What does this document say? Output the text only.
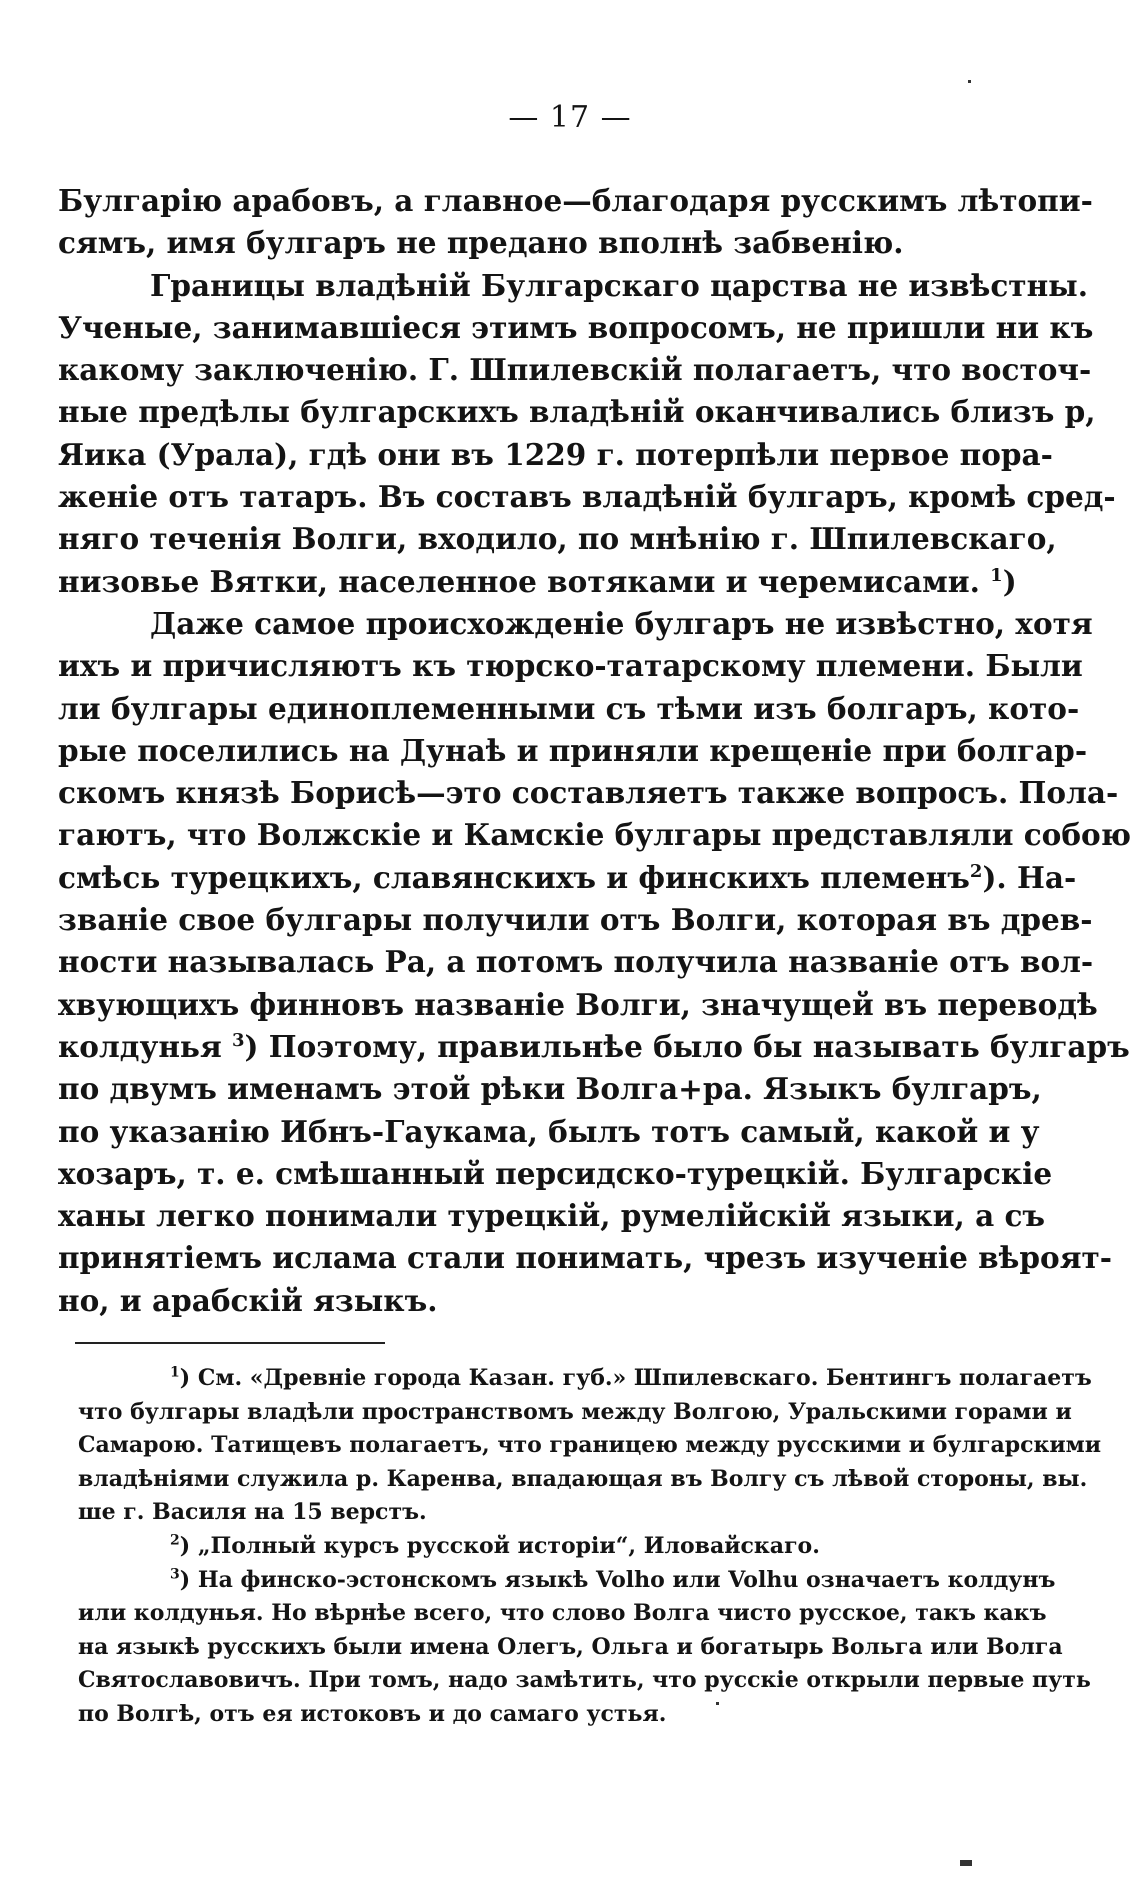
— 17 —
Булгарію арабовъ, а главное—благодаря русскимъ лѣтопи-
сямъ, имя булгаръ не предано вполнѣ забвенію.
Границы владѣній Булгарскаго царства не извѣстны.
Ученые, занимавшіеся этимъ вопросомъ, не пришли ни къ
какому заключенію. Г. Шпилевскій полагаетъ, что восточ-
ные предѣлы булгарскихъ владѣній оканчивались близъ р,
Яика (Урала), гдѣ они въ 1229 г. потерпѣли первое пора-
женіе отъ татаръ. Въ составъ владѣній булгаръ, кромѣ сред-
няго теченія Волги, входило, по мнѣнію г. Шпилевскаго,
низовье Вятки, населенное вотяками и черемисами. $^1$)
Даже самое происхожденіе булгаръ не извѣстно, хотя
ихъ и причисляютъ къ тюрско-татарскому племени. Были
ли булгары единоплеменными съ тѣми изъ болгаръ, кото-
рые поселились на Дунаѣ и приняли крещеніе при болгар-
скомъ князѣ Борисѣ—это составляетъ также вопросъ. Пола-
гаютъ, что Волжскіе и Камскіе булгары представляли собою
смѣсь турецкихъ, славянскихъ и финскихъ племенъ$^2$). На-
званіе свое булгары получили отъ Волги, которая въ древ-
ности называлась Ра, а потомъ получила названіе отъ вол-
хвующихъ финновъ названіе Волги, значущей въ переводѣ
колдунья $^3$) Поэтому, правильнѣе было бы называть булгаръ
по двумъ именамъ этой рѣки Волга+ра. Языкъ булгаръ,
по указанію Ибнъ-Гаукама, былъ тотъ самый, какой и у
хозаръ, т. е. смѣшанный персидско-турецкій. Булгарскіе
ханы легко понимали турецкій, румелійскій языки, а съ
принятіемъ ислама стали понимать, чрезъ изученіе вѣроят-
но, и арабскій языкъ.
$^1$) См. «Древніе города Казан. губ.» Шпилевскаго. Бентингъ полагаетъ
что булгары владѣли пространствомъ между Волгою, Уральскими горами и
Самарою. Татищевъ полагаетъ, что границею между русскими и булгарскими
владѣніями служила р. Каренва, впадающая въ Волгу съ лѣвой стороны, вы.
ше г. Василя на 15 верстъ.
$^2$) „Полный курсъ русской исторіи“, Иловайскаго.
$^3$) На финско-эстонскомъ языкѣ Volho или Volhu означаетъ колдунъ
или колдунья. Но вѣрнѣе всего, что слово Волга чисто русское, такъ какъ
на языкѣ русскихъ были имена Олегъ, Ольга и богатырь Вольга или Волга
Святославовичъ. При томъ, надо замѣтить, что русскіе открыли первые путь
по Волгѣ, отъ ея истоковъ и до самаго устья.
